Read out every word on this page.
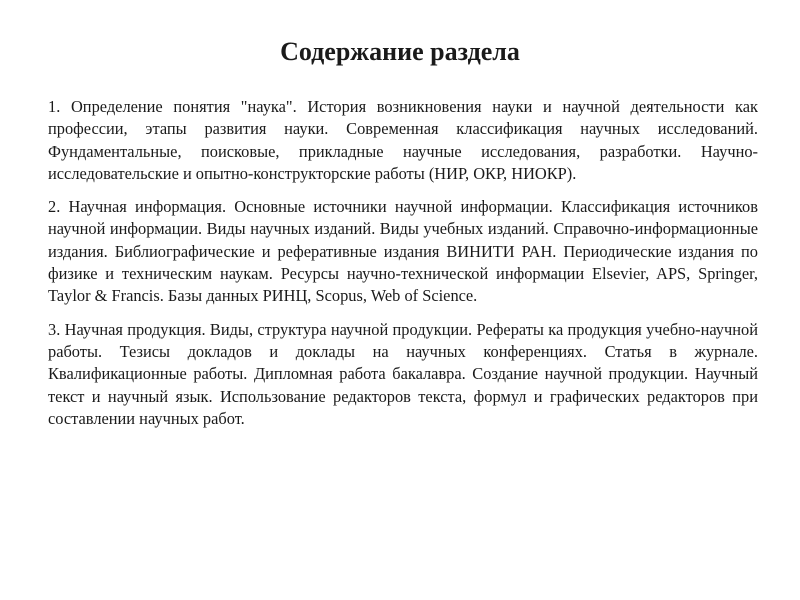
Содержание раздела

1. Определение понятия "наука". История возникновения науки и научной деятельности как профессии, этапы развития науки. Современная классификация научных исследований. Фундаментальные, поисковые, прикладные научные исследования, разработки. Научно-исследовательские и опытно-конструкторские работы (НИР, ОКР, НИОКР).

2. Научная информация. Основные источники научной информации. Классификация источников научной информации. Виды научных изданий. Виды учебных изданий. Справочно-информационные издания. Библиографические и реферативные издания ВИНИТИ РАН. Периодические издания по физике и техническим наукам. Ресурсы научно-технической информации Elsevier, APS, Springer, Taylor & Francis. Базы данных РИНЦ, Scopus, Web of Science.

3. Научная продукция. Виды, структура научной продукции. Рефераты ка продукция учебно-научной работы. Тезисы докладов и доклады на научных конференциях. Статья в журнале. Квалификационные работы. Дипломная работа бакалавра. Создание научной продукции. Научный текст и научный язык. Использование редакторов текста, формул и графических редакторов при составлении научных работ.
